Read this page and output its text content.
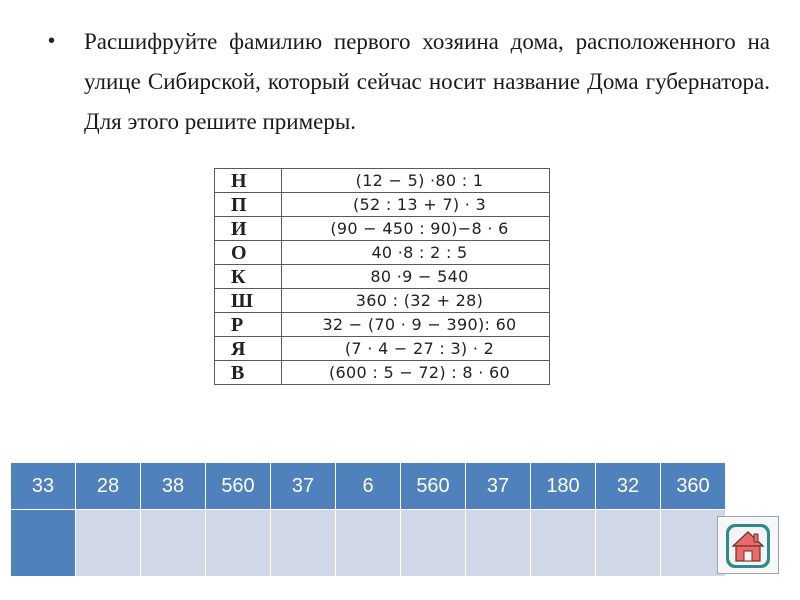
• Расшифруйте фамилию первого хозяина дома, расположенного на улице Сибирской, который сейчас носит название Дома губернатора. Для этого решите примеры.

Н	(12 − 5) ·80 : 1
П	(52 : 13 + 7) · 3
И	(90 − 450 : 90)−8 · 6
О	40 ·8 : 2 : 5
К	80 ·9 − 540
Ш	360 : (32 + 28)
Р	32 − (70 · 9 − 390): 60
Я	(7 · 4 − 27 : 3) · 2
В	(600 : 5 − 72) : 8 · 60
33	28	38	560	37	6	560	37	180	32	360
